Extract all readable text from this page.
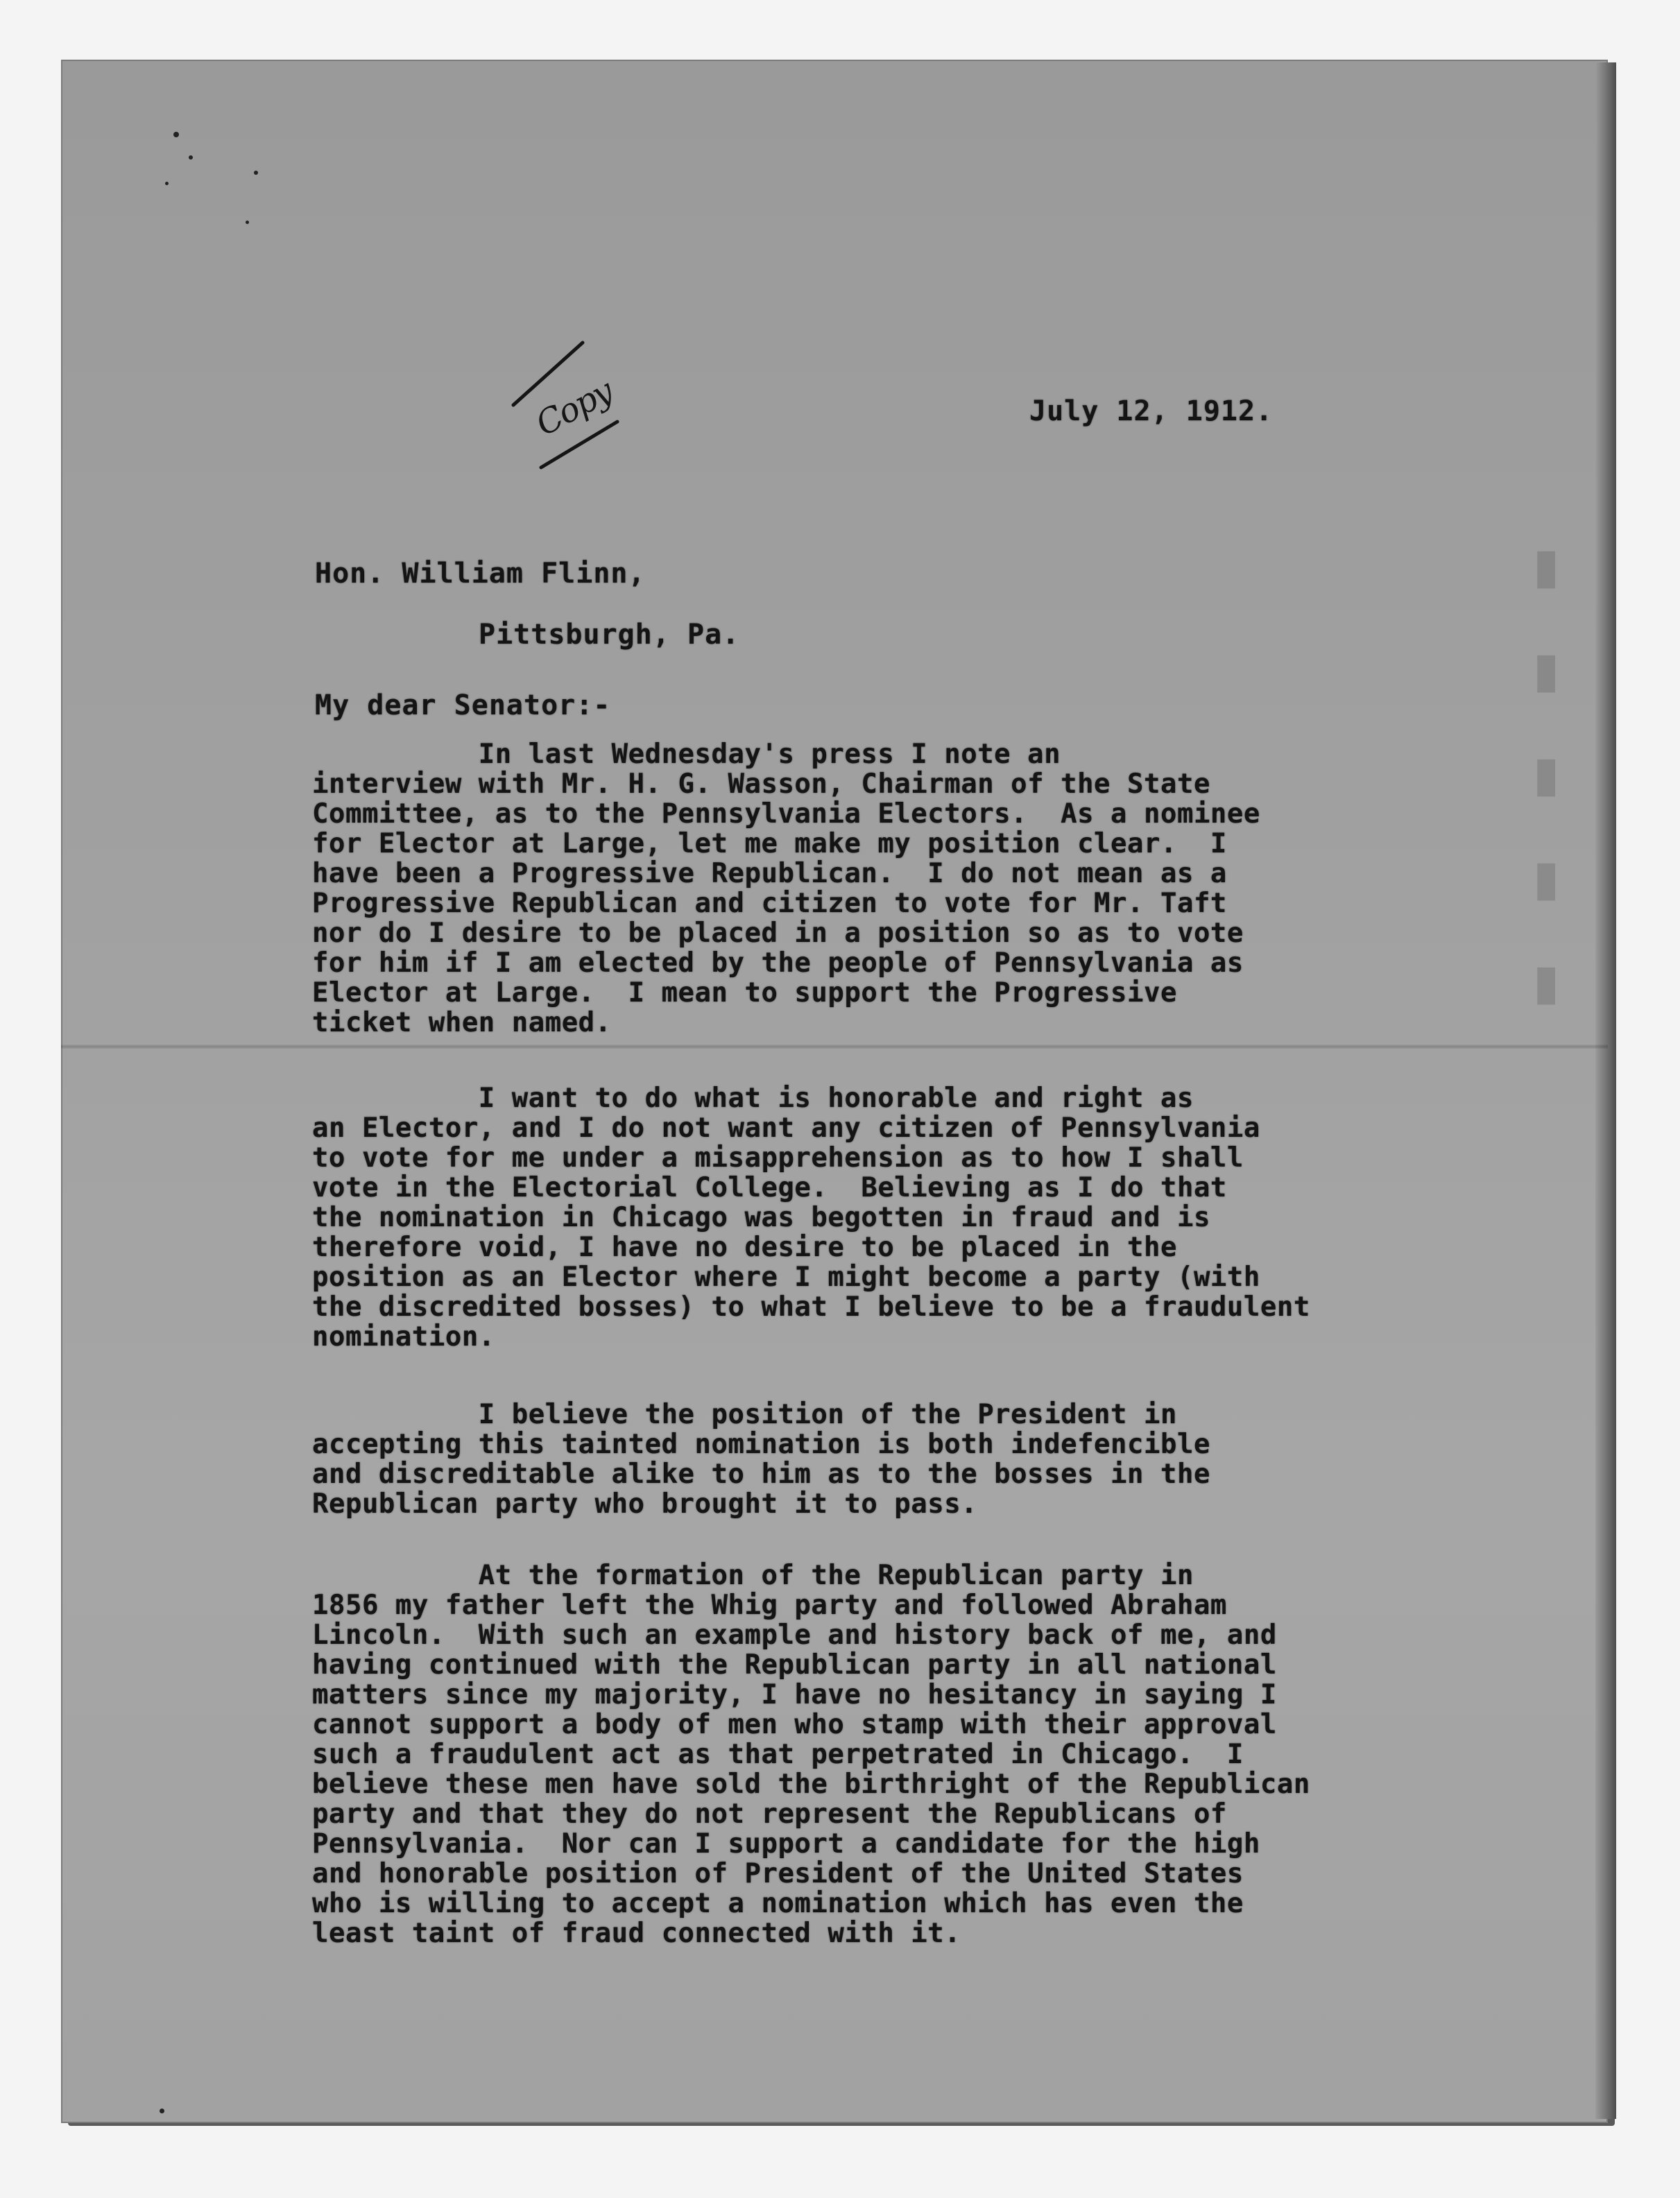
▮
▮
▮
▮
▮
Copy	July 12, 1912.
Hon. William Flinn,
Pittsburgh, Pa.
My dear Senator:-
In last Wednesday's press I note an
interview with Mr. H. G. Wasson, Chairman of the State
Committee, as to the Pennsylvania Electors.  As a nominee
for Elector at Large, let me make my position clear.  I
have been a Progressive Republican.  I do not mean as a
Progressive Republican and citizen to vote for Mr. Taft
nor do I desire to be placed in a position so as to vote
for him if I am elected by the people of Pennsylvania as
Elector at Large.  I mean to support the Progressive
ticket when named.
I want to do what is honorable and right as
an Elector, and I do not want any citizen of Pennsylvania
to vote for me under a misapprehension as to how I shall
vote in the Electorial College.  Believing as I do that
the nomination in Chicago was begotten in fraud and is
therefore void, I have no desire to be placed in the
position as an Elector where I might become a party (with
the discredited bosses) to what I believe to be a fraudulent
nomination.
I believe the position of the President in
accepting this tainted nomination is both indefencible
and discreditable alike to him as to the bosses in the
Republican party who brought it to pass.
At the formation of the Republican party in
1856 my father left the Whig party and followed Abraham
Lincoln.  With such an example and history back of me, and
having continued with the Republican party in all national
matters since my majority, I have no hesitancy in saying I
cannot support a body of men who stamp with their approval
such a fraudulent act as that perpetrated in Chicago.  I
believe these men have sold the birthright of the Republican
party and that they do not represent the Republicans of
Pennsylvania.  Nor can I support a candidate for the high
and honorable position of President of the United States
who is willing to accept a nomination which has even the
least taint of fraud connected with it.
